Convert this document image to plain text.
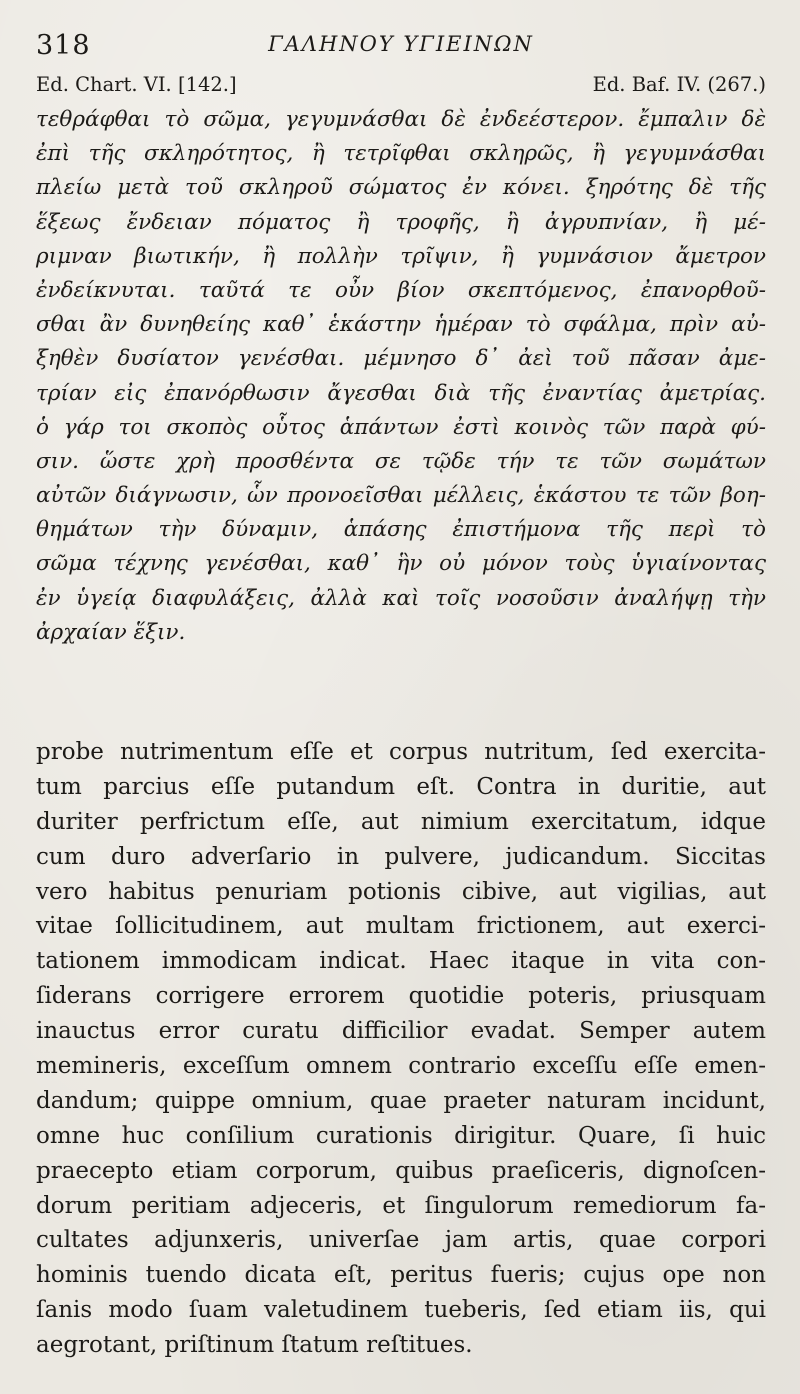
318	ΓΑΛΗΝΟΥ ΥΓΙΕΙΝΩΝ
Ed. Chart. VI. [142.]	Ed. Baf. IV. (267.)
τεθράφθαι τὸ σῶμα, γεγυμνάσθαι δὲ ἐνδεέστερον. ἔμπαλιν δὲ
ἐπὶ τῆς σκληρότητος, ἢ τετρῖφθαι σκληρῶς, ἢ γεγυμνάσθαι
πλείω μετὰ τοῦ σκληροῦ σώματος ἐν κόνει. ξηρότης δὲ τῆς
ἕξεως ἔνδειαν πόματος ἢ τροφῆς, ἢ ἀγρυπνίαν, ἢ μέ-
ριμναν βιωτικήν, ἢ πολλὴν τρῖψιν, ἢ γυμνάσιον ἄμετρον
ἐνδείκνυται. ταῦτά τε οὖν βίον σκεπτόμενος, ἐπανορθοῦ-
σθαι ἂν δυνηθείης καθ᾽ ἑκάστην ἡμέραν τὸ σφάλμα, πρὶν αὐ-
ξηθὲν δυσίατον γενέσθαι. μέμνησο δ᾽ ἀεὶ τοῦ πᾶσαν ἀμε-
τρίαν εἰς ἐπανόρθωσιν ἄγεσθαι διὰ τῆς ἐναντίας ἀμετρίας.
ὁ γάρ τοι σκοπὸς οὗτος ἁπάντων ἐστὶ κοινὸς τῶν παρὰ φύ-
σιν. ὥστε χρὴ προσθέντα σε τῷδε τήν τε τῶν σωμάτων
αὐτῶν διάγνωσιν, ὧν προνοεῖσθαι μέλλεις, ἑκάστου τε τῶν βοη-
θημάτων τὴν δύναμιν, ἁπάσης ἐπιστήμονα τῆς περὶ τὸ
σῶμα τέχνης γενέσθαι, καθ᾽ ἣν οὐ μόνον τοὺς ὑγιαίνοντας
ἐν ὑγείᾳ διαφυλάξεις, ἀλλὰ καὶ τοῖς νοσοῦσιν ἀναλήψῃ τὴν
ἀρχαίαν ἕξιν.
probe nutrimentum eſſe et corpus nutritum, ſed exercita-
tum parcius eſſe putandum eſt. Contra in duritie, aut
duriter perfrictum eſſe, aut nimium exercitatum, idque
cum duro adverſario in pulvere, judicandum. Siccitas
vero habitus penuriam potionis cibive, aut vigilias, aut
vitae ſollicitudinem, aut multam frictionem, aut exerci-
tationem immodicam indicat. Haec itaque in vita con-
ſiderans corrigere errorem quotidie poteris, priusquam
inauctus error curatu difficilior evadat. Semper autem
memineris, exceſſum omnem contrario exceſſu eſſe emen-
dandum; quippe omnium, quae praeter naturam incidunt,
omne huc conſilium curationis dirigitur. Quare, ſi huic
praecepto etiam corporum, quibus praeſiceris, dignoſcen-
dorum peritiam adjeceris, et ſingulorum remediorum fa-
cultates adjunxeris, univerſae jam artis, quae corpori
hominis tuendo dicata eſt, peritus fueris; cujus ope non
ſanis modo ſuam valetudinem tueberis, ſed etiam iis, qui
aegrotant, priſtinum ſtatum reſtitues.
